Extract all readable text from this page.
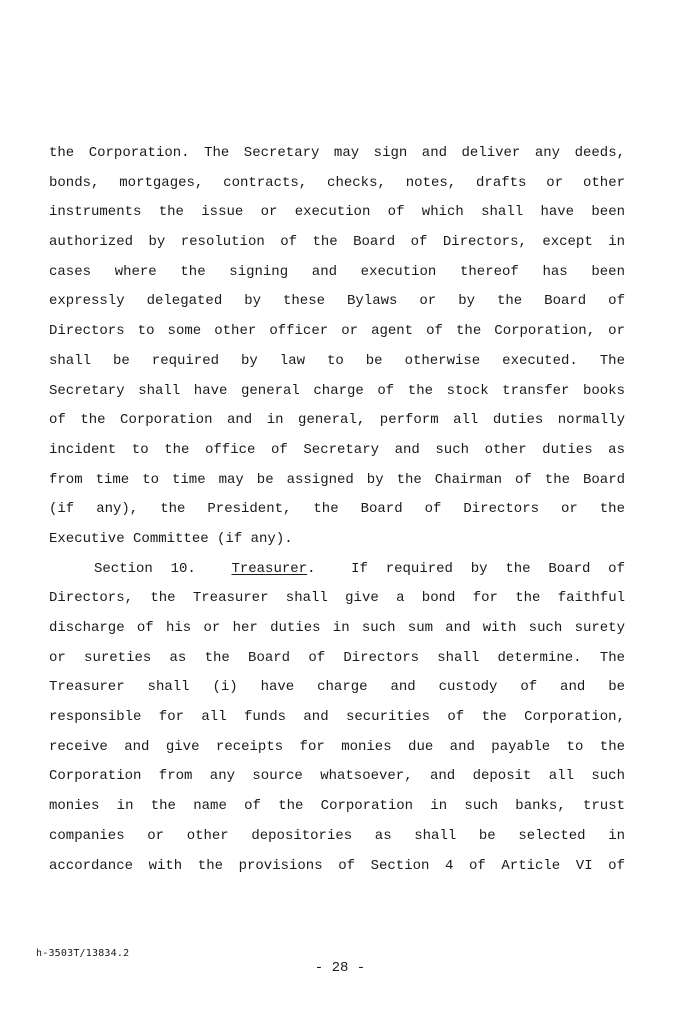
the Corporation. The Secretary may sign and deliver any deeds,
bonds, mortgages, contracts, checks, notes, drafts or other
instruments the issue or execution of which shall have been
authorized by resolution of the Board of Directors, except in
cases where the signing and execution thereof has been
expressly delegated by these Bylaws or by the Board of
Directors to some other officer or agent of the Corporation, or
shall be required by law to be otherwise executed. The
Secretary shall have general charge of the stock transfer books
of the Corporation and in general, perform all duties normally
incident to the office of Secretary and such other duties as
from time to time may be assigned by the Chairman of the Board
(if any), the President, the Board of Directors or the
Executive Committee (if any).
Section 10.	Treasurer.	If required by the Board of
Directors, the Treasurer shall give a bond for the faithful
discharge of his or her duties in such sum and with such surety
or sureties as the Board of Directors shall determine. The
Treasurer shall (i) have charge and custody of and be
responsible for all funds and securities of the Corporation,
receive and give receipts for monies due and payable to the
Corporation from any source whatsoever, and deposit all such
monies in the name of the Corporation in such banks, trust
companies or other depositories as shall be selected in
accordance with the provisions of Section 4 of Article VI of
h-3503T/13834.2
- 28 -
